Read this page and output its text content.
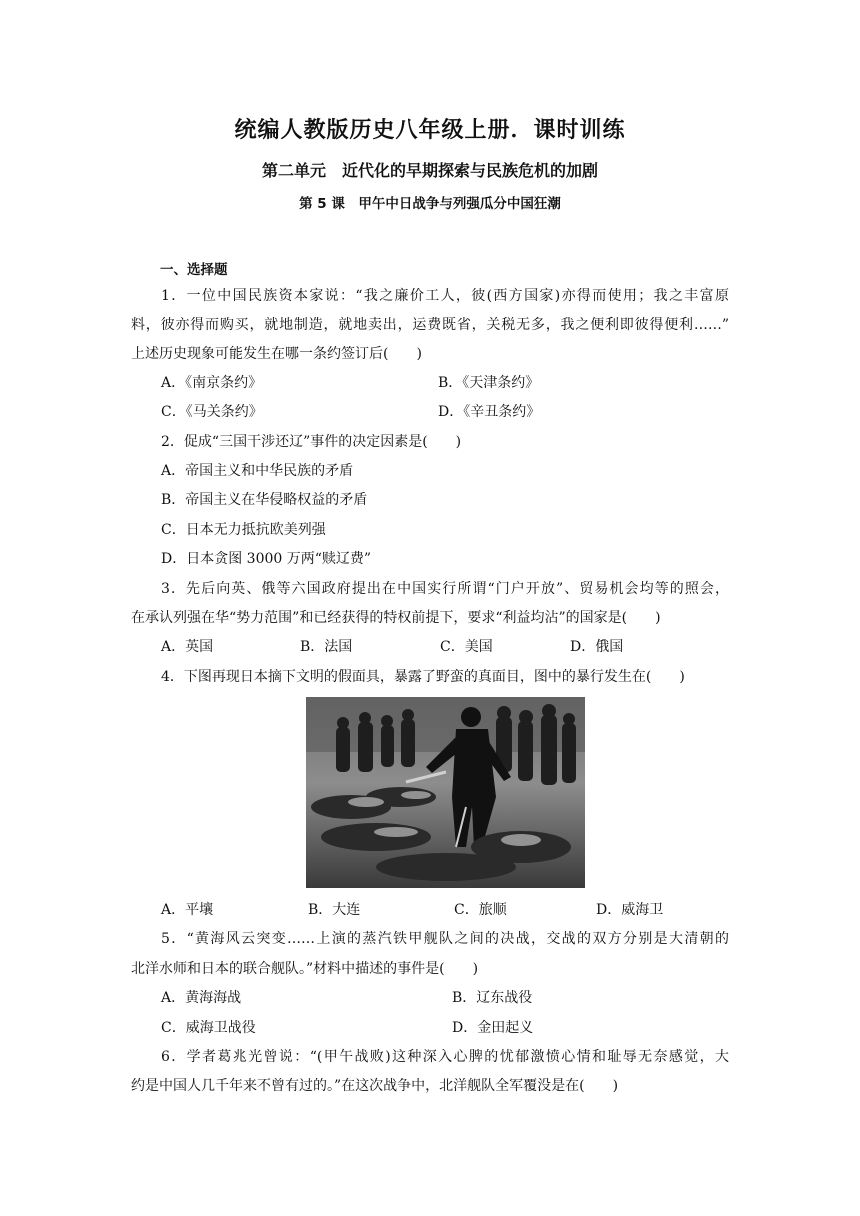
统编人教版历史八年级上册．课时训练
第二单元　近代化的早期探索与民族危机的加剧
第 5 课　甲午中日战争与列强瓜分中国狂潮
一、选择题
1．一位中国民族资本家说：“我之廉价工人，彼(西方国家)亦得而使用；我之丰富原
料，彼亦得而购买，就地制造，就地卖出，运费既省，关税无多，我之便利即彼得便利……”
上述历史现象可能发生在哪一条约签订后(　　)
A．《南京条约》	B．《天津条约》
C．《马关条约》	D．《辛丑条约》
2．促成“三国干涉还辽”事件的决定因素是(　　)
A．帝国主义和中华民族的矛盾
B．帝国主义在华侵略权益的矛盾
C．日本无力抵抗欧美列强
D．日本贪图 3000 万两“赎辽费”
3．先后向英、俄等六国政府提出在中国实行所谓“门户开放”、贸易机会均等的照会，
在承认列强在华“势力范围”和已经获得的特权前提下，要求“利益均沾”的国家是(　　)
A．英国	B．法国	C．美国	D．俄国
4．下图再现日本摘下文明的假面具，暴露了野蛮的真面目，图中的暴行发生在(　　)
A．平壤	B．大连	C．旅顺	D．威海卫
5．“黄海风云突变……上演的蒸汽铁甲舰队之间的决战，交战的双方分别是大清朝的
北洋水师和日本的联合舰队。”材料中描述的事件是(　　)
A．黄海海战	B．辽东战役
C．威海卫战役	D．金田起义
6．学者葛兆光曾说：“(甲午战败)这种深入心脾的忧郁激愤心情和耻辱无奈感觉，大
约是中国人几千年来不曾有过的。”在这次战争中，北洋舰队全军覆没是在(　　)
